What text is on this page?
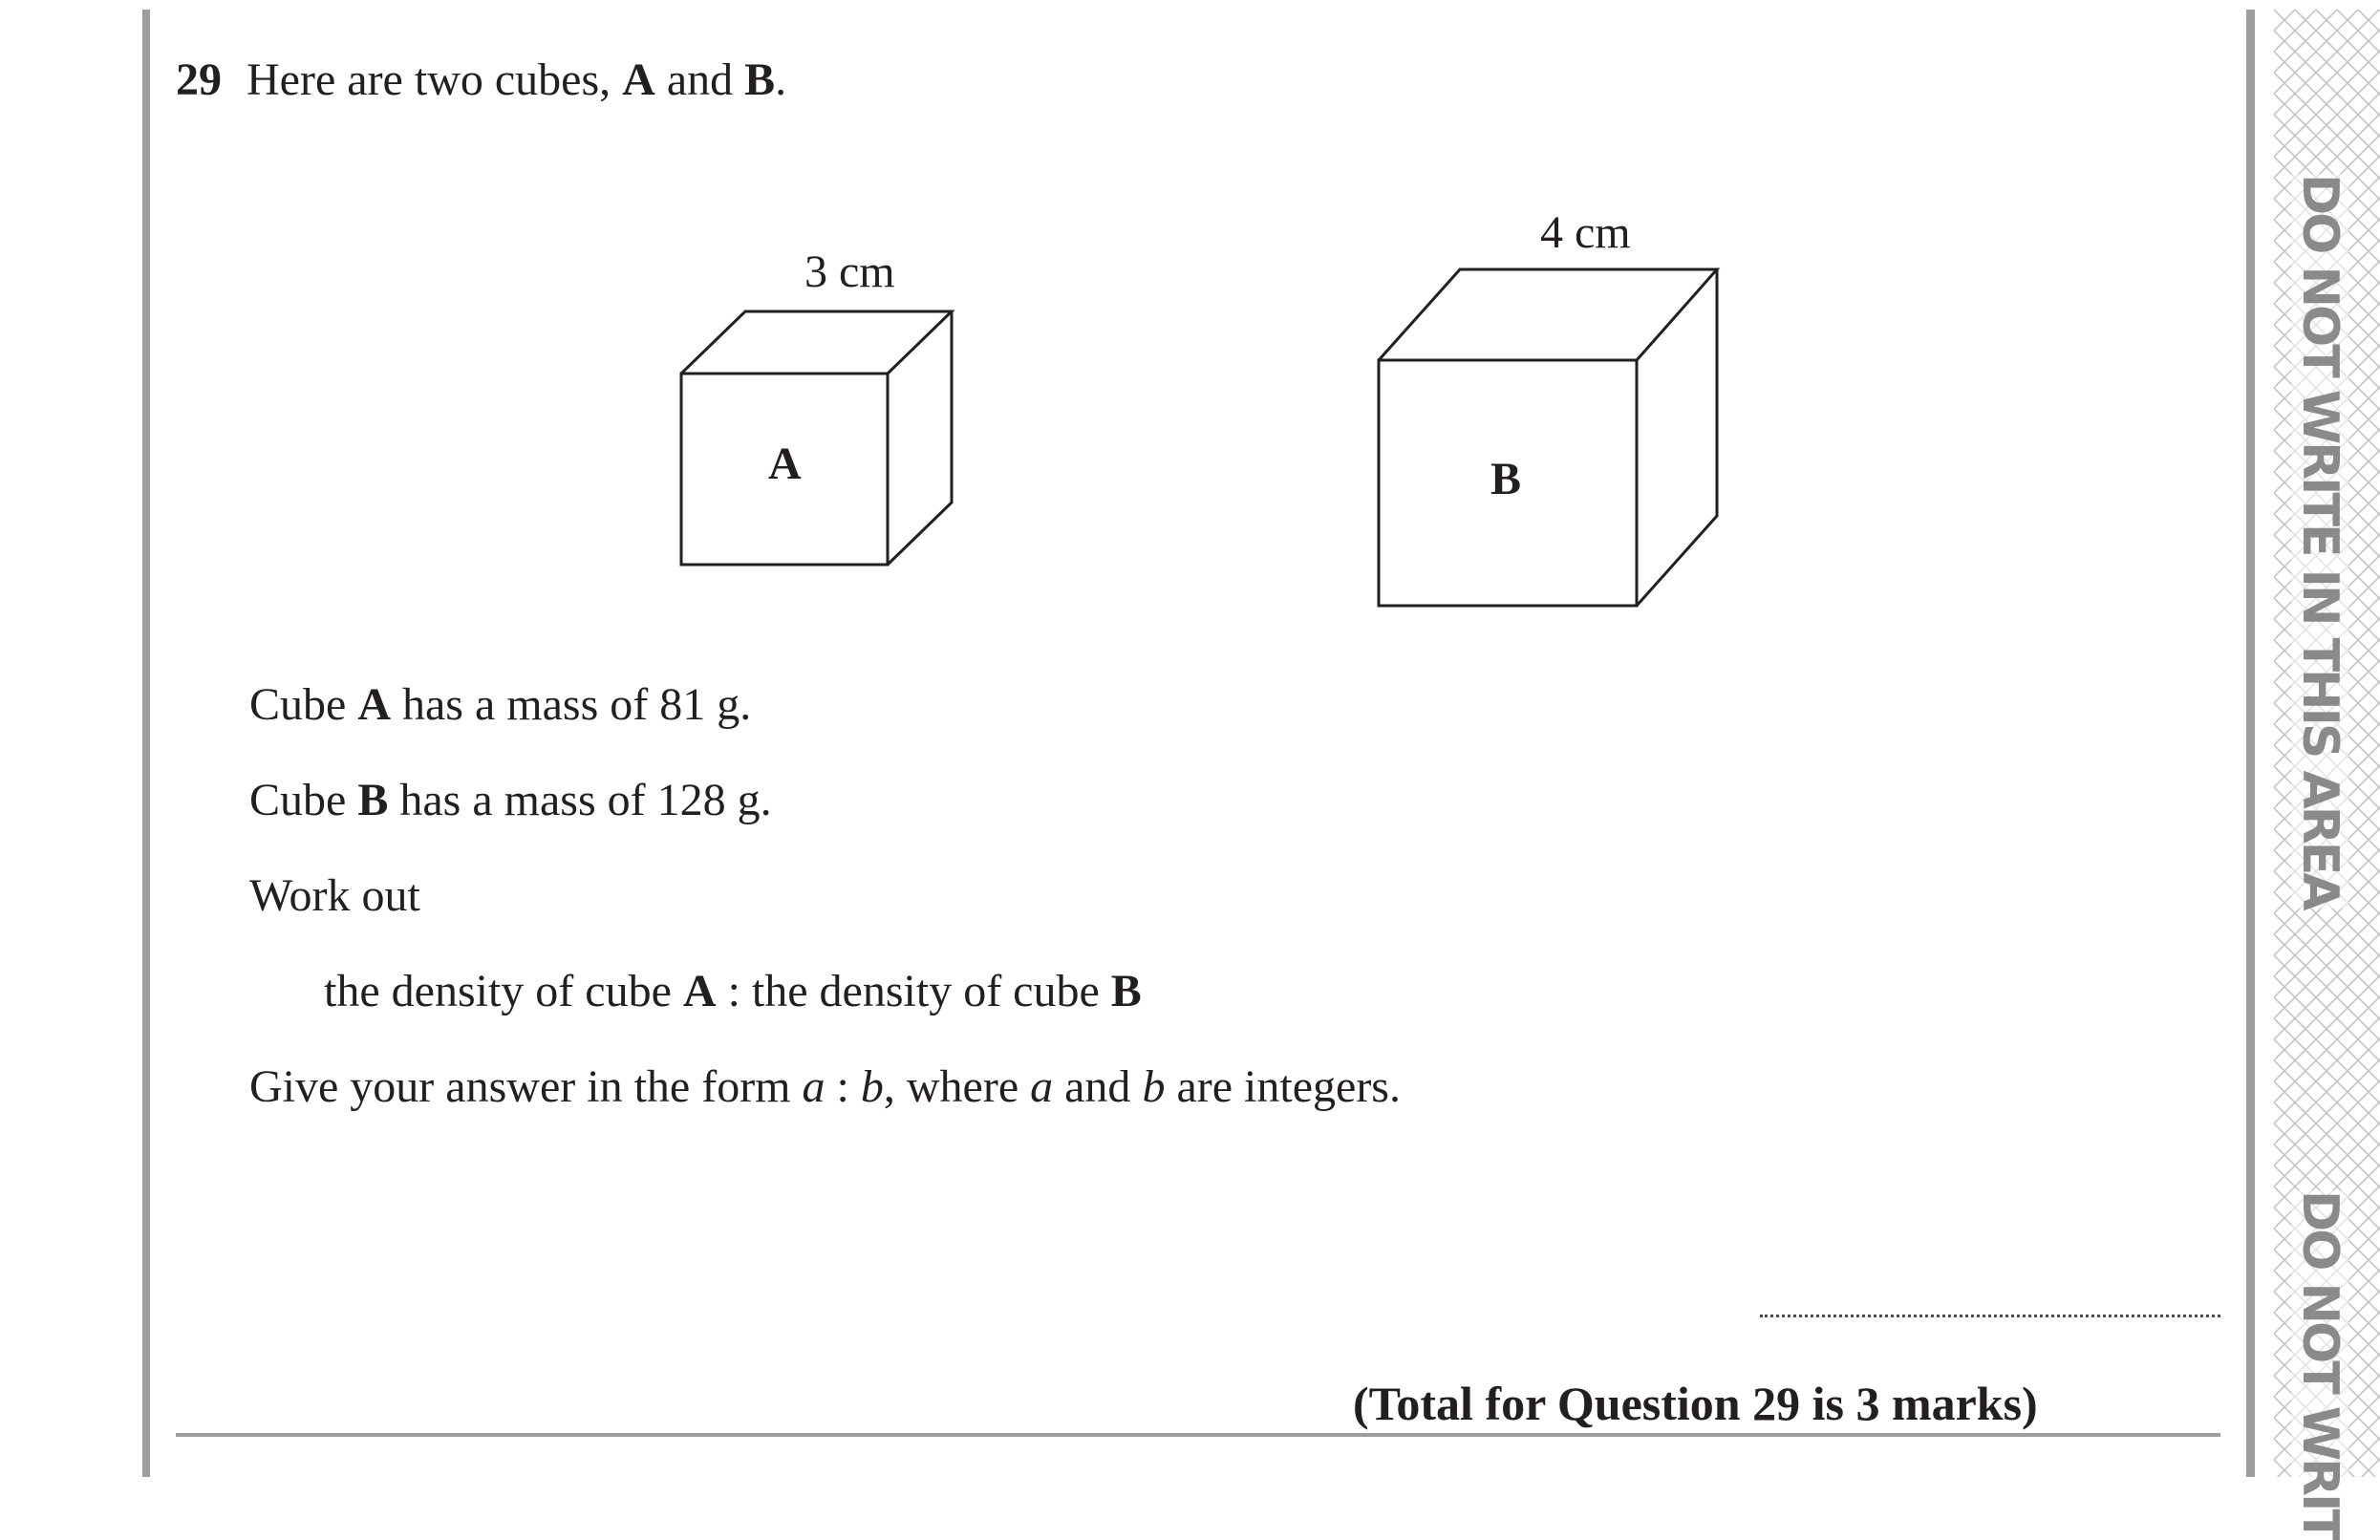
DO NOT WRITE IN THIS AREA
DO NOT WRIT
29 Here are two cubes, A and B.
3 cm
A
4 cm
B
Cube A has a mass of 81 g.
Cube B has a mass of 128 g.
Work out
the density of cube A : the density of cube B
Give your answer in the form a : b, where a and b are integers.
(Total for Question 29 is 3 marks)
